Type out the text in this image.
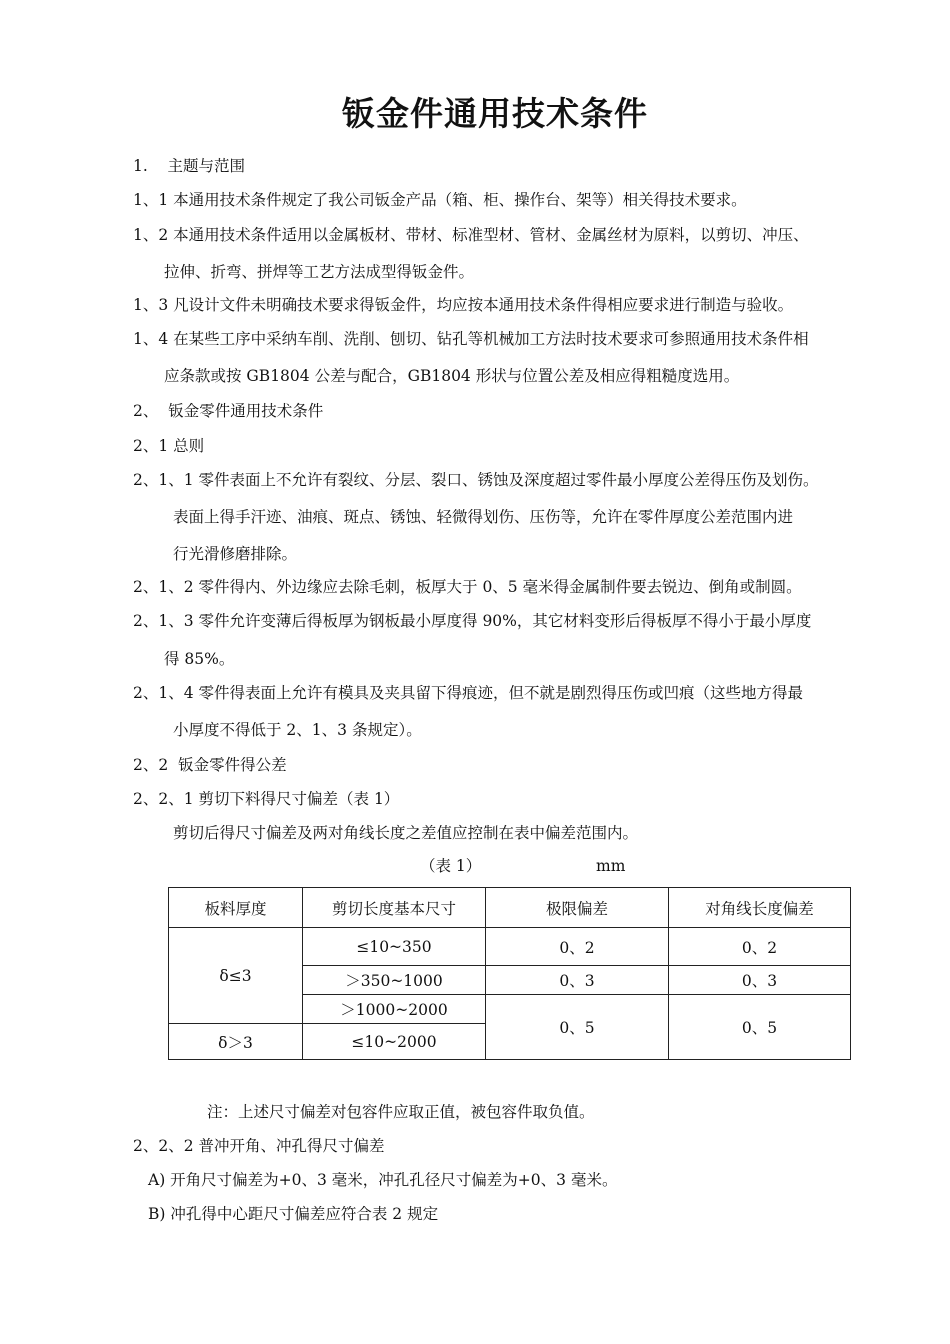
钣金件通用技术条件
1.    主题与范围
1、1 本通用技术条件规定了我公司钣金产品（箱、柜、操作台、架等）相关得技术要求。
1、2 本通用技术条件适用以金属板材、带材、标准型材、管材、金属丝材为原料，以剪切、冲压、
拉伸、折弯、拼焊等工艺方法成型得钣金件。
1、3 凡设计文件未明确技术要求得钣金件，均应按本通用技术条件得相应要求进行制造与验收。
1、4 在某些工序中采纳车削、洗削、刨切、钻孔等机械加工方法时技术要求可参照通用技术条件相
应条款或按 GB1804 公差与配合，GB1804 形状与位置公差及相应得粗糙度选用。
2、  钣金零件通用技术条件
2、1 总则
2、1、1 零件表面上不允许有裂纹、分层、裂口、锈蚀及深度超过零件最小厚度公差得压伤及划伤。
表面上得手汗迹、油痕、斑点、锈蚀、轻微得划伤、压伤等，允许在零件厚度公差范围内进
行光滑修磨排除。
2、1、2 零件得内、外边缘应去除毛刺，板厚大于 0、5 毫米得金属制件要去锐边、倒角或制圆。
2、1、3 零件允许变薄后得板厚为钢板最小厚度得 90%，其它材料变形后得板厚不得小于最小厚度
得 85%。
2、1、4 零件得表面上允许有模具及夹具留下得痕迹，但不就是剧烈得压伤或凹痕（这些地方得最
小厚度不得低于 2、1、3 条规定）。
2、2  钣金零件得公差
2、2、1 剪切下料得尺寸偏差（表 1）
剪切后得尺寸偏差及两对角线长度之差值应控制在表中偏差范围内。
（表 1）	mm
板料厚度	剪切长度基本尺寸	极限偏差	对角线长度偏差
δ≤3	≤10~350	0、2	0、2
	＞350~1000	0、3	0、3
	＞1000~2000	0、5	0、5
δ＞3	≤10~2000		
注：上述尺寸偏差对包容件应取正值，被包容件取负值。
2、2、2 普冲开角、冲孔得尺寸偏差
A) 开角尺寸偏差为+0、3 毫米，冲孔孔径尺寸偏差为+0、3 毫米。
B) 冲孔得中心距尺寸偏差应符合表 2 规定
